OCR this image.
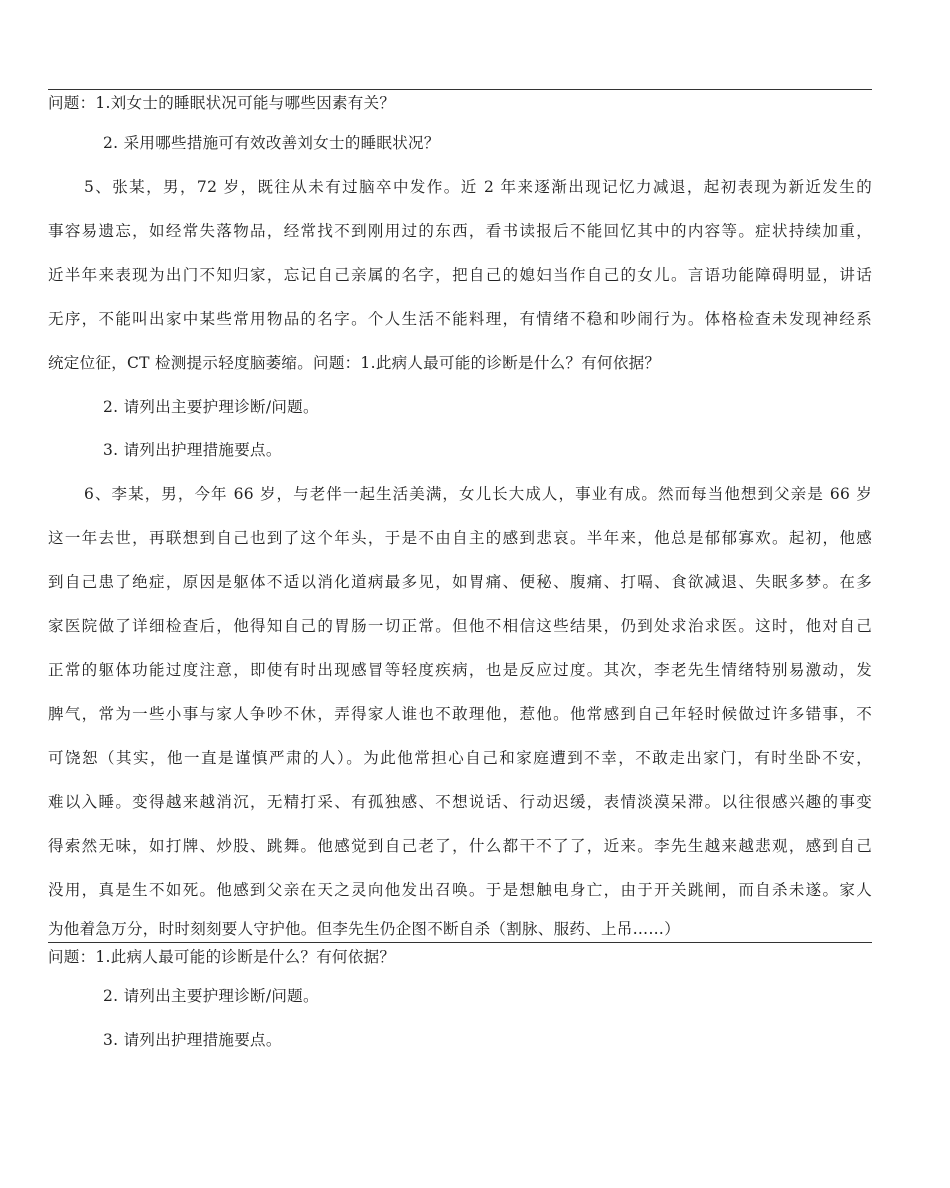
问题：1.刘女士的睡眠状况可能与哪些因素有关？
2. 采用哪些措施可有效改善刘女士的睡眠状况？
5、张某，男，72 岁，既往从未有过脑卒中发作。近 2 年来逐渐出现记忆力减退，起初表现为新近发生的
事容易遗忘，如经常失落物品，经常找不到刚用过的东西，看书读报后不能回忆其中的内容等。症状持续加重，
近半年来表现为出门不知归家，忘记自己亲属的名字，把自己的媳妇当作自己的女儿。言语功能障碍明显，讲话
无序，不能叫出家中某些常用物品的名字。个人生活不能料理，有情绪不稳和吵闹行为。体格检查未发现神经系
统定位征，CT 检测提示轻度脑萎缩。问题：1.此病人最可能的诊断是什么？有何依据？
2. 请列出主要护理诊断/问题。
3. 请列出护理措施要点。
6、李某，男，今年 66 岁，与老伴一起生活美满，女儿长大成人，事业有成。然而每当他想到父亲是 66 岁
这一年去世，再联想到自己也到了这个年头，于是不由自主的感到悲哀。半年来，他总是郁郁寡欢。起初，他感
到自己患了绝症，原因是躯体不适以消化道病最多见，如胃痛、便秘、腹痛、打嗝、食欲减退、失眠多梦。在多
家医院做了详细检查后，他得知自己的胃肠一切正常。但他不相信这些结果，仍到处求治求医。这时，他对自己
正常的躯体功能过度注意，即使有时出现感冒等轻度疾病，也是反应过度。其次，李老先生情绪特别易激动，发
脾气，常为一些小事与家人争吵不休，弄得家人谁也不敢理他，惹他。他常感到自己年轻时候做过许多错事，不
可饶恕（其实，他一直是谨慎严肃的人）。为此他常担心自己和家庭遭到不幸，不敢走出家门，有时坐卧不安，
难以入睡。变得越来越消沉，无精打采、有孤独感、不想说话、行动迟缓，表情淡漠呆滞。以往很感兴趣的事变
得索然无味，如打牌、炒股、跳舞。他感觉到自己老了，什么都干不了了，近来。李先生越来越悲观，感到自己
没用，真是生不如死。他感到父亲在天之灵向他发出召唤。于是想触电身亡，由于开关跳闸，而自杀未遂。家人
为他着急万分，时时刻刻要人守护他。但李先生仍企图不断自杀（割脉、服药、上吊……）
问题：1.此病人最可能的诊断是什么？有何依据？
2. 请列出主要护理诊断/问题。
3. 请列出护理措施要点。
